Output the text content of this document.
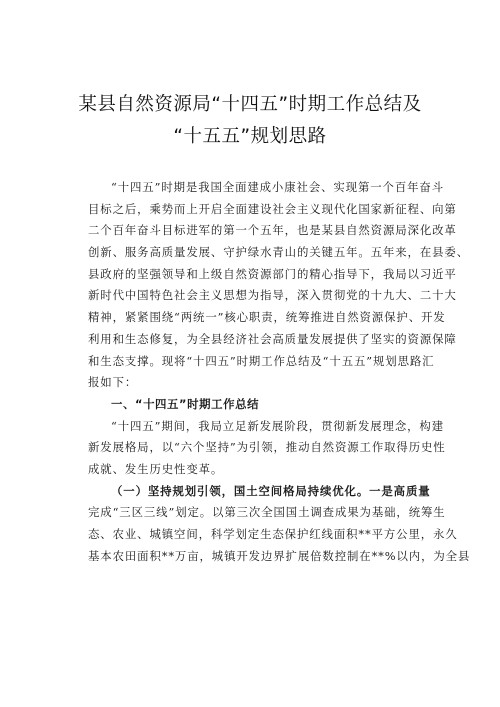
某县自然资源局“十四五”时期工作总结及
“十五五”规划思路
“十四五”时期是我国全面建成小康社会、实现第一个百年奋斗
目标之后，乘势而上开启全面建设社会主义现代化国家新征程、向第
二个百年奋斗目标进军的第一个五年，也是某县自然资源局深化改革
创新、服务高质量发展、守护绿水青山的关键五年。五年来，在县委、
县政府的坚强领导和上级自然资源部门的精心指导下，我局以习近平
新时代中国特色社会主义思想为指导，深入贯彻党的十九大、二十大
精神，紧紧围绕“两统一”核心职责，统筹推进自然资源保护、开发
利用和生态修复，为全县经济社会高质量发展提供了坚实的资源保障
和生态支撑。现将“十四五”时期工作总结及“十五五”规划思路汇
报如下：
一、“十四五”时期工作总结
“十四五”期间，我局立足新发展阶段，贯彻新发展理念，构建
新发展格局，以“六个坚持”为引领，推动自然资源工作取得历史性
成就、发生历史性变革。
（一）坚持规划引领，国土空间格局持续优化。一是高质量
完成“三区三线”划定。以第三次全国国土调查成果为基础，统筹生
态、农业、城镇空间，科学划定生态保护红线面积**平方公里，永久
基本农田面积**万亩，城镇开发边界扩展倍数控制在**%以内，为全县
